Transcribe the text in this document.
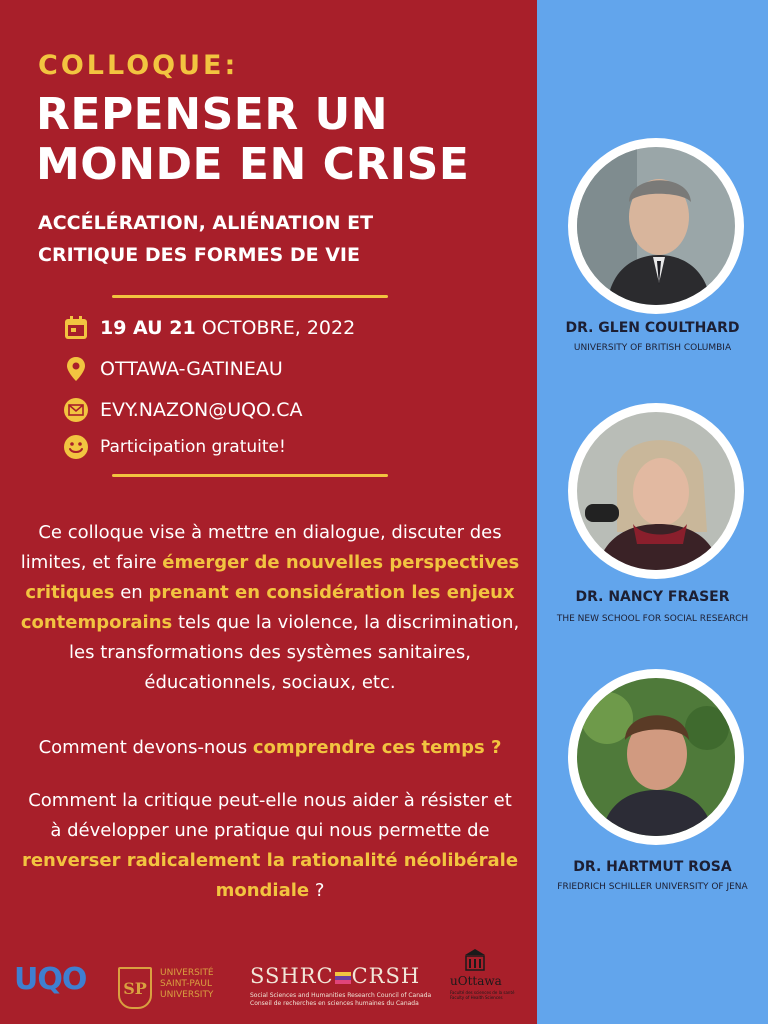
COLLOQUE:
REPENSER UN
MONDE EN CRISE
ACCÉLÉRATION, ALIÉNATION ET
CRITIQUE DES FORMES DE VIE
19 AU 21 OCTOBRE, 2022
OTTAWA-GATINEAU
EVY.NAZON@UQO.CA
Participation gratuite!
Ce colloque vise à mettre en dialogue, discuter des limites, et faire émerger de nouvelles perspectives critiques en prenant en considération les enjeux contemporains tels que la violence, la discrimination, les transformations des systèmes sanitaires, éducationnels, sociaux, etc.
Comment devons-nous comprendre ces temps ?
Comment la critique peut-elle nous aider à résister et à développer une pratique qui nous permette de renverser radicalement la rationalité néolibérale mondiale ?
DR. GLEN COULTHARD
UNIVERSITY OF BRITISH COLUMBIA
DR. NANCY FRASER
THE NEW SCHOOL FOR SOCIAL RESEARCH
DR. HARTMUT ROSA
FRIEDRICH SCHILLER UNIVERSITY OF JENA
UQO	SP
UNIVERSITÉ
SAINT-PAUL
UNIVERSITY
SSHRC CRSH
Social Sciences and Humanities Research Council of Canada
Conseil de recherches en sciences humaines du Canada
uOttawa
Faculté des sciences de la santé
Faculty of Health Sciences
